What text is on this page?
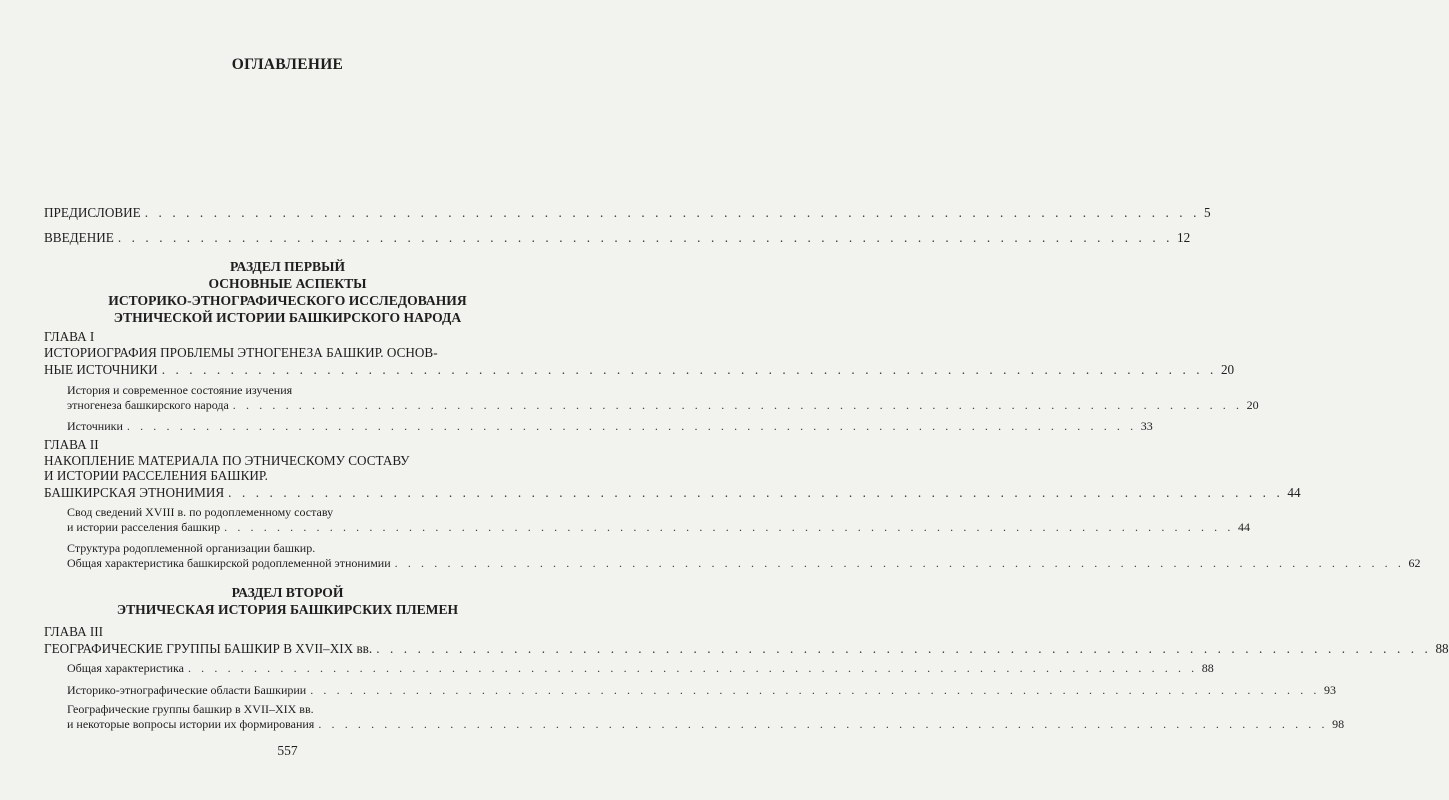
ОГЛАВЛЕНИЕ
ПРЕДИСЛОВИЕ . . . . . . . . . . . . . . . . . . . . . . . . . . . . . . . . . . . . . . . . . . . . . . . . . . . . . . . . . . . . . . . . . . . . . . . . . . . . . 5
ВВЕДЕНИЕ . . . . . . . . . . . . . . . . . . . . . . . . . . . . . . . . . . . . . . . . . . . . . . . . . . . . . . . . . . . . . . . . . . . . . . . . . . . . . 12
РАЗДЕЛ ПЕРВЫЙ
ОСНОВНЫЕ АСПЕКТЫ
ИСТОРИКО-ЭТНОГРАФИЧЕСКОГО ИССЛЕДОВАНИЯ
ЭТНИЧЕСКОЙ ИСТОРИИ БАШКИРСКОГО НАРОДА
ГЛАВА I
ИСТОРИОГРАФИЯ ПРОБЛЕМЫ ЭТНОГЕНЕЗА БАШКИР. ОСНОВ-
НЫЕ ИСТОЧНИКИ . . . . . . . . . . . . . . . . . . . . . . . . . . . . . . . . . . . . . . . . . . . . . . . . . . . . . . . . . . . . . . . . . . . . . . . . . . . . . 20
История и современное состояние изучения
этногенеза башкирского народа . . . . . . . . . . . . . . . . . . . . . . . . . . . . . . . . . . . . . . . . . . . . . . . . . . . . . . . . . . . . . . . . . . . . . . . . . . . . . 20
Источники . . . . . . . . . . . . . . . . . . . . . . . . . . . . . . . . . . . . . . . . . . . . . . . . . . . . . . . . . . . . . . . . . . . . . . . . . . . . . 33
ГЛАВА II
НАКОПЛЕНИЕ МАТЕРИАЛА ПО ЭТНИЧЕСКОМУ СОСТАВУ
И ИСТОРИИ РАССЕЛЕНИЯ БАШКИР.
БАШКИРСКАЯ ЭТНОНИМИЯ . . . . . . . . . . . . . . . . . . . . . . . . . . . . . . . . . . . . . . . . . . . . . . . . . . . . . . . . . . . . . . . . . . . . . . . . . . . . . 44
Свод сведений XVIII в. по родоплеменному составу
и истории расселения башкир . . . . . . . . . . . . . . . . . . . . . . . . . . . . . . . . . . . . . . . . . . . . . . . . . . . . . . . . . . . . . . . . . . . . . . . . . . . . . 44
Структура родоплеменной организации башкир.
Общая характеристика башкирской родоплеменной этнонимии . . . . . . . . . . . . . . . . . . . . . . . . . . . . . . . . . . . . . . . . . . . . . . . . . . . . . . . . . . . . . . . . . . . . . . . . . . . . . 62
РАЗДЕЛ ВТОРОЙ
ЭТНИЧЕСКАЯ ИСТОРИЯ БАШКИРСКИХ ПЛЕМЕН
ГЛАВА III
ГЕОГРАФИЧЕСКИЕ ГРУППЫ БАШКИР В XVII–XIX вв. . . . . . . . . . . . . . . . . . . . . . . . . . . . . . . . . . . . . . . . . . . . . . . . . . . . . . . . . . . . . . . . . . . . . . . . . . . . . . 88
Общая характеристика . . . . . . . . . . . . . . . . . . . . . . . . . . . . . . . . . . . . . . . . . . . . . . . . . . . . . . . . . . . . . . . . . . . . . . . . . . . . . 88
Историко-этнографические области Башкирии . . . . . . . . . . . . . . . . . . . . . . . . . . . . . . . . . . . . . . . . . . . . . . . . . . . . . . . . . . . . . . . . . . . . . . . . . . . . . 93
Географические группы башкир в XVII–XIX вв.
и некоторые вопросы истории их формирования . . . . . . . . . . . . . . . . . . . . . . . . . . . . . . . . . . . . . . . . . . . . . . . . . . . . . . . . . . . . . . . . . . . . . . . . . . . . . 98
557
